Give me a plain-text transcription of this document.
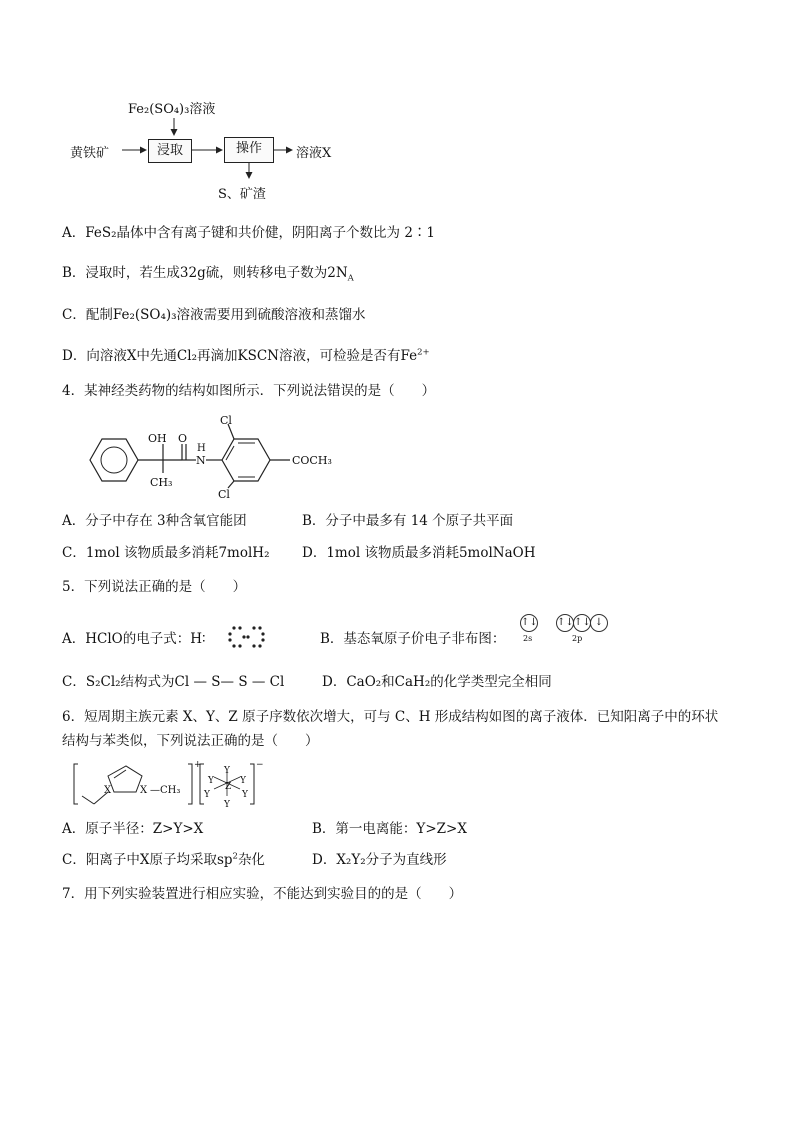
Fe₂(SO₄)₃溶液
黄铁矿	浸取	操作	溶液X
S、矿渣
A．FeS₂晶体中含有离子键和共价健，阴阳离子个数比为 2∶1
B．浸取时，若生成32g硫，则转移电子数为$2N_A$
C．配制Fe₂(SO₄)₃溶液需要用到硫酸溶液和蒸馏水
D．向溶液X中先通Cl₂再滴加KSCN溶液，可检验是否有$Fe^{2+}$
4．某神经类药物的结构如图所示．下列说法错误的是（　　）
Cl
OH O
H
N	COCH₃
CH₃
Cl
A．分子中存在 3种含氧官能团	B．分子中最多有 14 个原子共平面
C．1mol 该物质最多消耗7molH₂ D．1mol 该物质最多消耗5molNaOH
5．下列说法正确的是（　　）
A．HClO的电子式：H∶	B．基态氧原子价电子非布图：
↑↓ ↑↓ ↑↓ ↓
2s	2p
C．S₂Cl₂结构式为Cl — S— S — Cl	D．CaO₂和CaH₂的化学类型完全相同
6．短周期主族元素 X、Y、Z 原子序数依次增大，可与 C、H 形成结构如图的离子液体．已知阳离子中的环状
结构与苯类似，下列说法正确的是（　　）
X	X —CH₃
+
Y
Y	Y
Z
Y	Y
Y
−
A．原子半径：Z>Y>X	B．第一电离能：Y>Z>X
C．阳离子中X原子均采取$sp^2$杂化	D．X₂Y₂分子为直线形
7．用下列实验装置进行相应实验，不能达到实验目的的是（　　）
